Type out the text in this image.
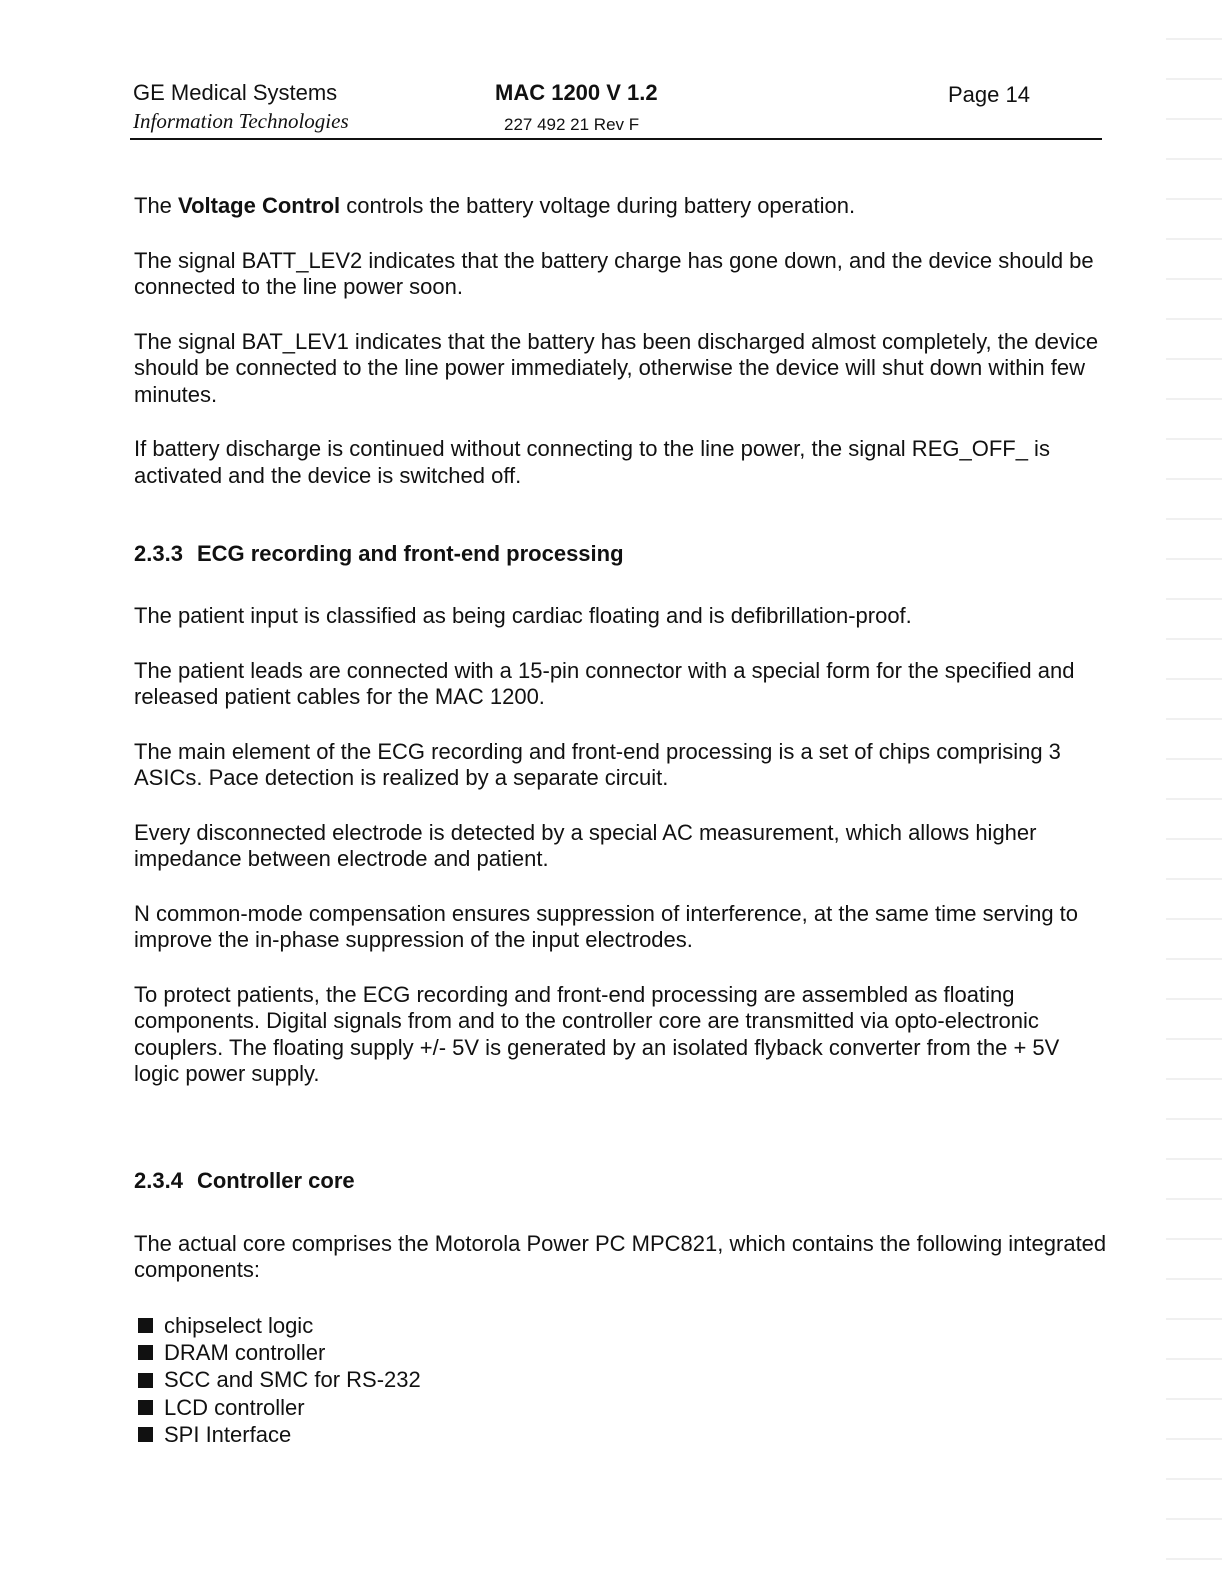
GE Medical Systems
Information Technologies
MAC 1200 V 1.2
227 492 21 Rev F
Page 14

The Voltage Control controls the battery voltage during battery operation.

The signal BATT_LEV2 indicates that the battery charge has gone down, and the device should be connected to the line power soon.

The signal BAT_LEV1 indicates that the battery has been discharged almost completely, the device should be connected to the line power immediately, otherwise the device will shut down within few minutes.

If battery discharge is continued without connecting to the line power, the signal REG_OFF_ is activated and the device is switched off.

2.3.3 ECG recording and front-end processing

The patient input is classified as being cardiac floating and is defibrillation-proof.

The patient leads are connected with a 15-pin connector with a special form for the specified and released patient cables for the MAC 1200.

The main element of the ECG recording and front-end processing is a set of chips comprising 3 ASICs. Pace detection is realized by a separate circuit.

Every disconnected electrode is detected by a special AC measurement, which allows higher impedance between electrode and patient.

N common-mode compensation ensures suppression of interference, at the same time serving to improve the in-phase suppression of the input electrodes.

To protect patients, the ECG recording and front-end processing are assembled as floating components. Digital signals from and to the controller core are transmitted via opto-electronic couplers. The floating supply +/- 5V is generated by an isolated flyback converter from the + 5V logic power supply.

2.3.4 Controller core

The actual core comprises the Motorola Power PC MPC821, which contains the following integrated components:

chipselect logic
DRAM controller
SCC and SMC for RS-232
LCD controller
SPI Interface
